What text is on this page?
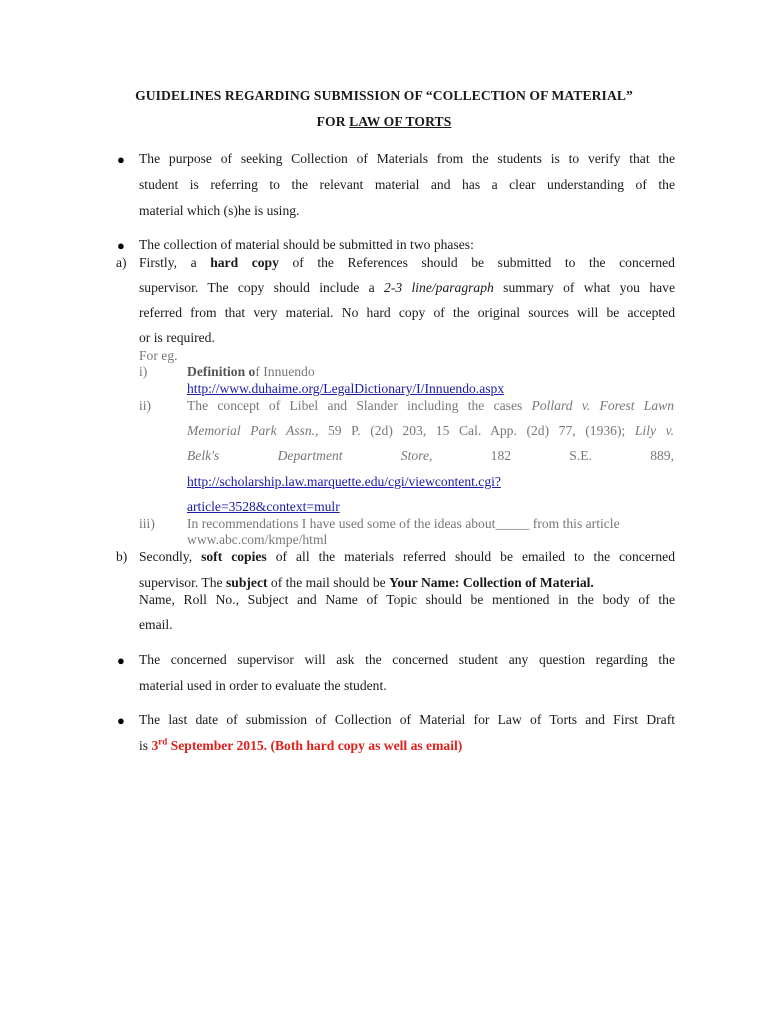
GUIDELINES REGARDING SUBMISSION OF “COLLECTION OF MATERIAL”
FOR LAW OF TORTS
● The purpose of seeking Collection of Materials from the students is to verify that the
student is referring to the relevant material and has a clear understanding of the
material which (s)he is using.
● The collection of material should be submitted in two phases:
a) Firstly, a hard copy of the References should be submitted to the concerned
supervisor. The copy should include a 2-3 line/paragraph summary of what you have
referred from that very material. No hard copy of the original sources will be accepted
or is required.
For eg.
i)	Definition of Innuendo
http://www.duhaime.org/LegalDictionary/I/Innuendo.aspx
ii)	The concept of Libel and Slander including the cases Pollard v. Forest Lawn
Memorial Park Assn., 59 P. (2d) 203, 15 Cal. App. (2d) 77, (1936); Lily v.
Belk's	Department	Store,	182	S.E.	889,
http://scholarship.law.marquette.edu/cgi/viewcontent.cgi?
article=3528&context=mulr
iii) In recommendations I have used some of the ideas about_____ from this article
www.abc.com/kmpe/html
b) Secondly, soft copies of all the materials referred should be emailed to the concerned
supervisor. The subject of the mail should be Your Name: Collection of Material.
Name, Roll No., Subject and Name of Topic should be mentioned in the body of the
email.
● The concerned supervisor will ask the concerned student any question regarding the
material used in order to evaluate the student.
● The last date of submission of Collection of Material for Law of Torts and First Draft
is 3rd September 2015. (Both hard copy as well as email)
